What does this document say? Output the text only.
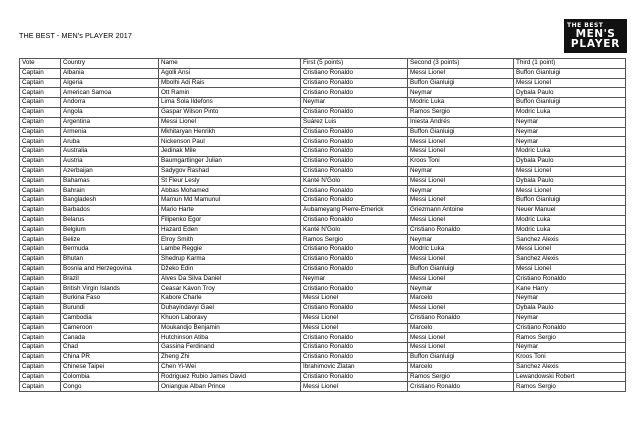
THE BEST - MEN's PLAYER 2017
THE BEST
MEN'S
PLAYER
Vote	Country	Name	First (5 points)	Second (3 points)	Third (1 point)
Captain	Albania	Agolli Ansi	Cristiano Ronaldo	Messi Lionel	Buffon Gianluigi
Captain	Algeria	Mbolhi Adi Rais	Cristiano Ronaldo	Buffon Gianluigi	Messi Lionel
Captain	American Samoa	Ott Ramin	Cristiano Ronaldo	Neymar	Dybala Paulo
Captain	Andorra	Lima Sola Ildefons	Neymar	Modric Luka	Buffon Gianluigi
Captain	Angola	Gaspar Wilson Pinto	Cristiano Ronaldo	Ramos Sergio	Modric Luka
Captain	Argentina	Messi Lionel	Suárez Luis	Iniesta Andrés	Neymar
Captain	Armenia	Mkhitaryan Henrikh	Cristiano Ronaldo	Buffon Gianluigi	Neymar
Captain	Aruba	Nickenson Paul	Cristiano Ronaldo	Messi Lionel	Neymar
Captain	Australia	Jedinak Mile	Cristiano Ronaldo	Messi Lionel	Modric Luka
Captain	Austria	Baumgartlinger Julian	Cristiano Ronaldo	Kroos Toni	Dybala Paulo
Captain	Azerbaijan	Sadygov Rashad	Cristiano Ronaldo	Neymar	Messi Lionel
Captain	Bahamas	St Fleur Lesly	Kanté N'Golo	Messi Lionel	Dybala Paulo
Captain	Bahrain	Abbas Mohamed	Cristiano Ronaldo	Neymar	Messi Lionel
Captain	Bangladesh	Mamun Md Mamunul	Cristiano Ronaldo	Messi Lionel	Buffon Gianluigi
Captain	Barbados	Mario Harte	Aubameyang Pierre-Emerick	Griezmann Antoine	Neuer Manuel
Captain	Belarus	Filipenko Egor	Cristiano Ronaldo	Messi Lionel	Modric Luka
Captain	Belgium	Hazard Eden	Kanté N'Golo	Cristiano Ronaldo	Modric Luka
Captain	Belize	Elroy Smith	Ramos Sergio	Neymar	Sanchez Alexis
Captain	Bermuda	Lambe Reggie	Cristiano Ronaldo	Modric Luka	Messi Lionel
Captain	Bhutan	Shedrup Karma	Cristiano Ronaldo	Messi Lionel	Sanchez Alexis
Captain	Bosnia and Herzegovina	Džeko Edin	Cristiano Ronaldo	Buffon Gianluigi	Messi Lionel
Captain	Brazil	Alves Da Silva Daniel	Neymar	Messi Lionel	Cristiano Ronaldo
Captain	British Virgin Islands	Ceasar Kavon Troy	Cristiano Ronaldo	Neymar	Kane Harry
Captain	Burkina Faso	Kabore Charle	Messi Lionel	Marcelo	Neymar
Captain	Burundi	Duhayindavyi Gael	Cristiano Ronaldo	Messi Lionel	Dybala Paulo
Captain	Cambodia	Khuon Laboravy	Messi Lionel	Cristiano Ronaldo	Neymar
Captain	Cameroon	Moukandjo Benjamin	Messi Lionel	Marcelo	Cristiano Ronaldo
Captain	Canada	Hutchinson Atiba	Cristiano Ronaldo	Messi Lionel	Ramos Sergio
Captain	Chad	Gassina Ferdinand	Cristiano Ronaldo	Messi Lionel	Neymar
Captain	China PR	Zheng Zhi	Cristiano Ronaldo	Buffon Gianluigi	Kroos Toni
Captain	Chinese Taipei	Chen Yi-Wei	Ibrahimovic Zlatan	Marcelo	Sanchez Alexis
Captain	Colombia	Rodriguez Rubio James David	Cristiano Ronaldo	Ramos Sergio	Lewandowski Robert
Captain	Congo	Oniangue Alban Prince	Messi Lionel	Cristiano Ronaldo	Ramos Sergio
